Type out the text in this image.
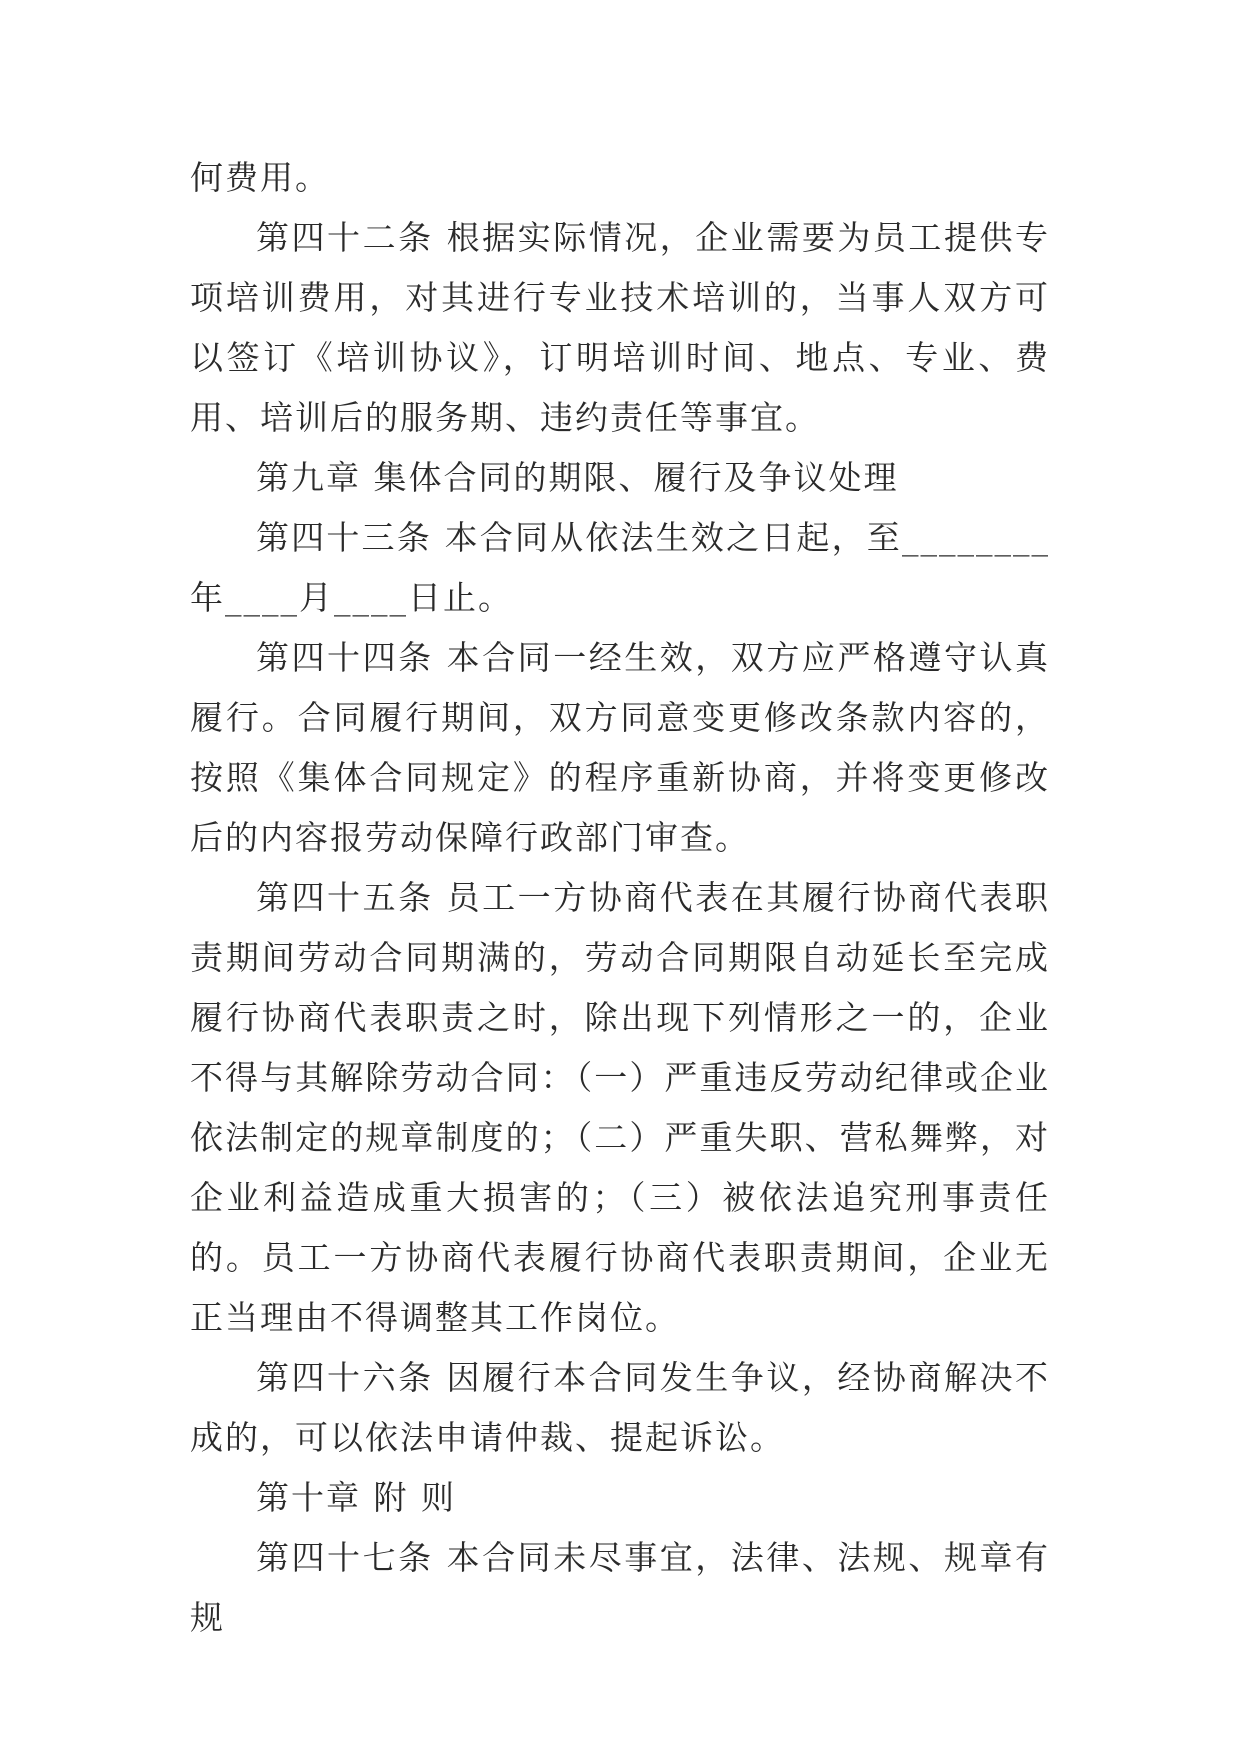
何费用。

第四十二条 根据实际情况，企业需要为员工提供专项培训费用，对其进行专业技术培训的，当事人双方可以签订《培训协议》，订明培训时间、地点、专业、费用、培训后的服务期、违约责任等事宜。

第九章 集体合同的期限、履行及争议处理

第四十三条 本合同从依法生效之日起，至________年____月____日止。

第四十四条 本合同一经生效，双方应严格遵守认真履行。合同履行期间，双方同意变更修改条款内容的，按照《集体合同规定》的程序重新协商，并将变更修改后的内容报劳动保障行政部门审查。

第四十五条 员工一方协商代表在其履行协商代表职责期间劳动合同期满的，劳动合同期限自动延长至完成履行协商代表职责之时，除出现下列情形之一的，企业不得与其解除劳动合同：（一）严重违反劳动纪律或企业依法制定的规章制度的；（二）严重失职、营私舞弊，对企业利益造成重大损害的；（三）被依法追究刑事责任的。员工一方协商代表履行协商代表职责期间，企业无正当理由不得调整其工作岗位。

第四十六条 因履行本合同发生争议，经协商解决不成的，可以依法申请仲裁、提起诉讼。

第十章 附 则

第四十七条 本合同未尽事宜，法律、法规、规章有规
